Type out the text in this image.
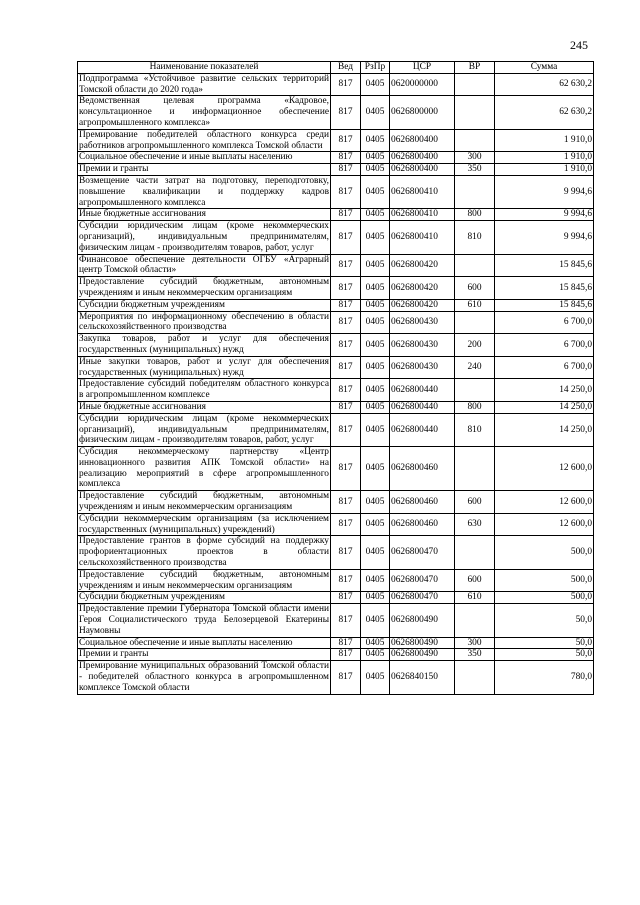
245
Наименование показателей	Вед	РзПр	ЦСР	ВР	Сумма
Подпрограмма «Устойчивое развитие сельских территорий Томской области до 2020 года»	817	0405	0620000000		62 630,2
Ведомственная целевая программа «Кадровое, консультационное и информационное обеспечение агропромышленного комплекса»	817	0405	0626800000		62 630,2
Премирование победителей областного конкурса среди работников агропромышленного комплекса Томской области	817	0405	0626800400		1 910,0
Социальное обеспечение и иные выплаты населению	817	0405	0626800400	300	1 910,0
Премии и гранты	817	0405	0626800400	350	1 910,0
Возмещение части затрат на подготовку, переподготовку, повышение квалификации и поддержку кадров агропромышленного комплекса	817	0405	0626800410		9 994,6
Иные бюджетные ассигнования	817	0405	0626800410	800	9 994,6
Субсидии юридическим лицам (кроме некоммерческих организаций), индивидуальным предпринимателям, физическим лицам - производителям товаров, работ, услуг	817	0405	0626800410	810	9 994,6
Финансовое обеспечение деятельности ОГБУ «Аграрный центр Томской области»	817	0405	0626800420		15 845,6
Предоставление субсидий бюджетным, автономным учреждениям и иным некоммерческим организациям	817	0405	0626800420	600	15 845,6
Субсидии бюджетным учреждениям	817	0405	0626800420	610	15 845,6
Мероприятия по информационному обеспечению в области сельскохозяйственного производства	817	0405	0626800430		6 700,0
Закупка товаров, работ и услуг для обеспечения государственных (муниципальных) нужд	817	0405	0626800430	200	6 700,0
Иные закупки товаров, работ и услуг для обеспечения государственных (муниципальных) нужд	817	0405	0626800430	240	6 700,0
Предоставление субсидий победителям областного конкурса в агропромышленном комплексе	817	0405	0626800440		14 250,0
Иные бюджетные ассигнования	817	0405	0626800440	800	14 250,0
Субсидии юридическим лицам (кроме некоммерческих организаций), индивидуальным предпринимателям, физическим лицам - производителям товаров, работ, услуг	817	0405	0626800440	810	14 250,0
Субсидия некоммерческому партнерству «Центр инновационного развития АПК Томской области» на реализацию мероприятий в сфере агропромышленного комплекса	817	0405	0626800460		12 600,0
Предоставление субсидий бюджетным, автономным учреждениям и иным некоммерческим организациям	817	0405	0626800460	600	12 600,0
Субсидии некоммерческим организациям (за исключением государственных (муниципальных) учреждений)	817	0405	0626800460	630	12 600,0
Предоставление грантов в форме субсидий на поддержку профориентационных проектов в области сельскохозяйственного производства	817	0405	0626800470		500,0
Предоставление субсидий бюджетным, автономным учреждениям и иным некоммерческим организациям	817	0405	0626800470	600	500,0
Субсидии бюджетным учреждениям	817	0405	0626800470	610	500,0
Предоставление премии Губернатора Томской области имени Героя Социалистического труда Белозерцевой Екатерины Наумовны	817	0405	0626800490		50,0
Социальное обеспечение и иные выплаты населению	817	0405	0626800490	300	50,0
Премии и гранты	817	0405	0626800490	350	50,0
Премирование муниципальных образований Томской области - победителей областного конкурса в агропромышленном комплексе Томской области	817	0405	0626840150		780,0
